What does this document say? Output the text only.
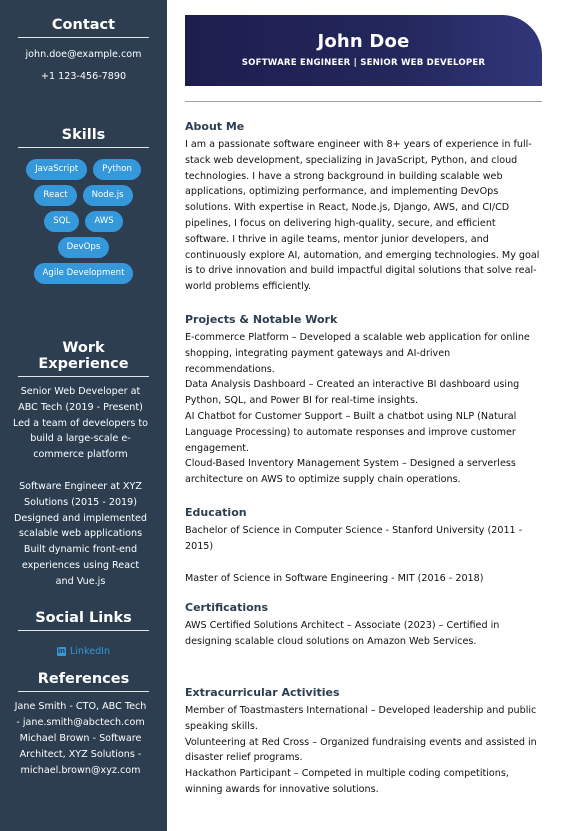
Contact
john.doe@example.com
+1 123-456-7890
Skills
JavaScript	Python
React	Node.js
SQL	AWS
DevOps
Agile Development
Work Experience
Senior Web Developer at ABC Tech (2019 - Present)
Led a team of developers to build a large-scale e-commerce platform
Software Engineer at XYZ Solutions (2015 - 2019)
Designed and implemented scalable web applications
Built dynamic front-end experiences using React and Vue.js
Social Links
in LinkedIn
References
Jane Smith - CTO, ABC Tech - jane.smith@abctech.com
Michael Brown - Software Architect, XYZ Solutions - michael.brown@xyz.com
John Doe
SOFTWARE ENGINEER | SENIOR WEB DEVELOPER
About Me
I am a passionate software engineer with 8+ years of experience in full-stack web development, specializing in JavaScript, Python, and cloud technologies. I have a strong background in building scalable web applications, optimizing performance, and implementing DevOps solutions. With expertise in React, Node.js, Django, AWS, and CI/CD pipelines, I focus on delivering high-quality, secure, and efficient software. I thrive in agile teams, mentor junior developers, and continuously explore AI, automation, and emerging technologies. My goal is to drive innovation and build impactful digital solutions that solve real-world problems efficiently.
Projects & Notable Work
E-commerce Platform – Developed a scalable web application for online shopping, integrating payment gateways and AI-driven recommendations.
Data Analysis Dashboard – Created an interactive BI dashboard using Python, SQL, and Power BI for real-time insights.
AI Chatbot for Customer Support – Built a chatbot using NLP (Natural Language Processing) to automate responses and improve customer engagement.
Cloud-Based Inventory Management System – Designed a serverless architecture on AWS to optimize supply chain operations.
Education
Bachelor of Science in Computer Science - Stanford University (2011 - 2015)
Master of Science in Software Engineering - MIT (2016 - 2018)
Certifications
AWS Certified Solutions Architect – Associate (2023) – Certified in designing scalable cloud solutions on Amazon Web Services.
Extracurricular Activities
Member of Toastmasters International – Developed leadership and public speaking skills.
Volunteering at Red Cross – Organized fundraising events and assisted in disaster relief programs.
Hackathon Participant – Competed in multiple coding competitions, winning awards for innovative solutions.
